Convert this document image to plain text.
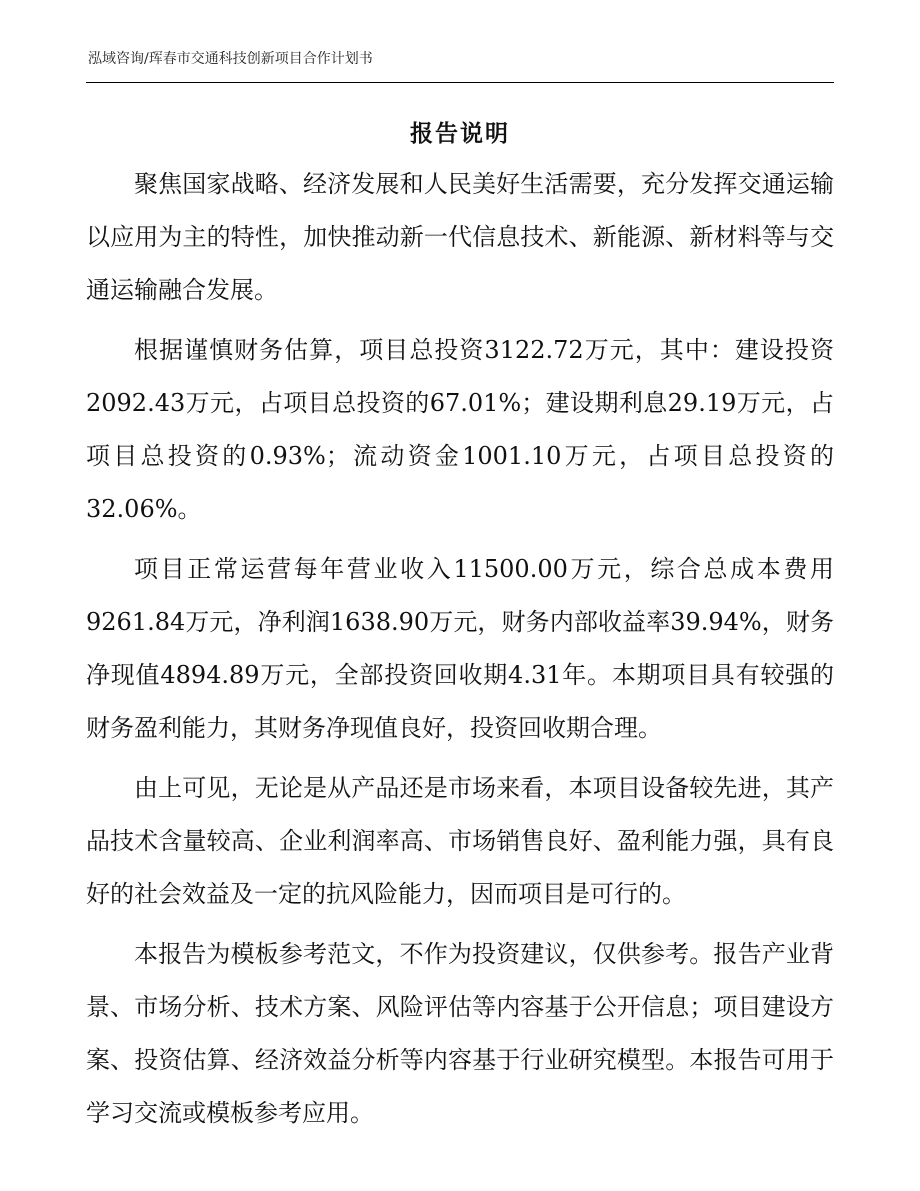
泓域咨询/珲春市交通科技创新项目合作计划书
报告说明

聚焦国家战略、经济发展和人民美好生活需要，充分发挥交通运输以应用为主的特性，加快推动新一代信息技术、新能源、新材料等与交通运输融合发展。

根据谨慎财务估算，项目总投资3122.72万元，其中：建设投资2092.43万元，占项目总投资的67.01%；建设期利息29.19万元，占项目总投资的0.93%；流动资金1001.10万元，占项目总投资的32.06%。

项目正常运营每年营业收入11500.00万元，综合总成本费用9261.84万元，净利润1638.90万元，财务内部收益率39.94%，财务净现值4894.89万元，全部投资回收期4.31年。本期项目具有较强的财务盈利能力，其财务净现值良好，投资回收期合理。

由上可见，无论是从产品还是市场来看，本项目设备较先进，其产品技术含量较高、企业利润率高、市场销售良好、盈利能力强，具有良好的社会效益及一定的抗风险能力，因而项目是可行的。

本报告为模板参考范文，不作为投资建议，仅供参考。报告产业背景、市场分析、技术方案、风险评估等内容基于公开信息；项目建设方案、投资估算、经济效益分析等内容基于行业研究模型。本报告可用于学习交流或模板参考应用。
